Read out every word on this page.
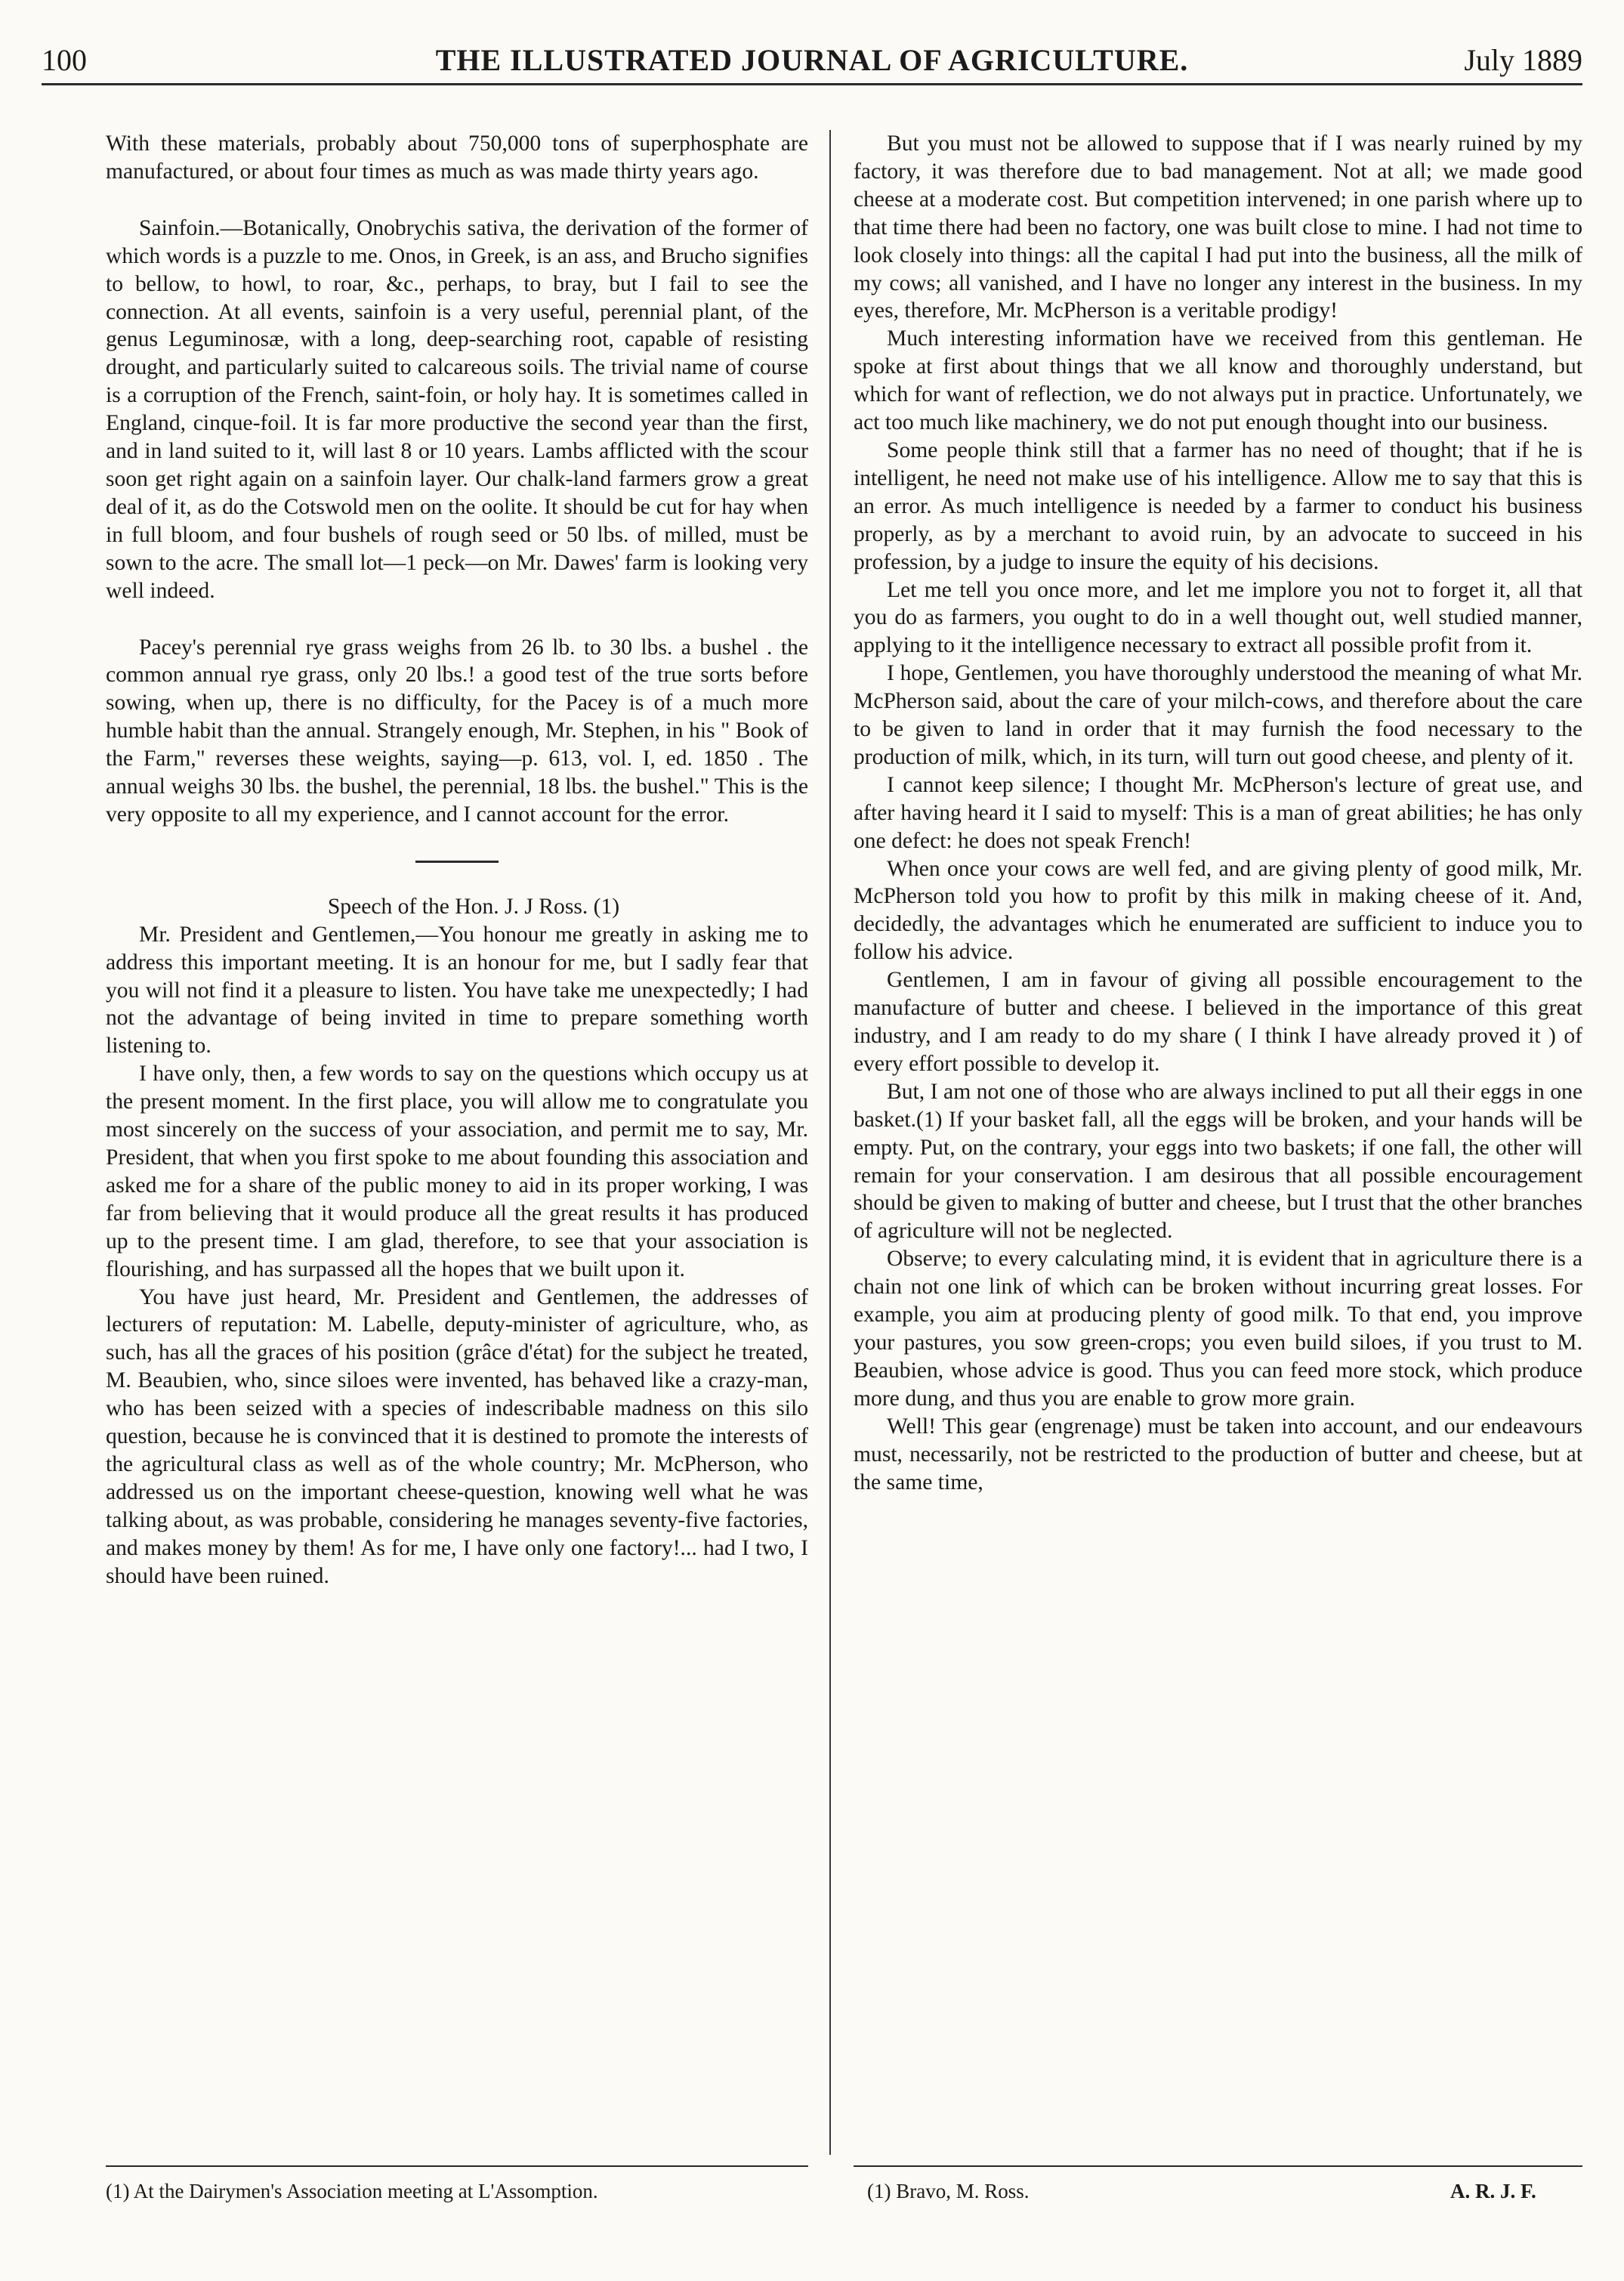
100	THE ILLUSTRATED JOURNAL OF AGRICULTURE.	July 1889

With these materials, probably about 750,000 tons of superphosphate are manufactured, or about four times as much as was made thirty years ago.

Sainfoin.—Botanically, Onobrychis sativa, the derivation of the former of which words is a puzzle to me. Onos, in Greek, is an ass, and Brucho signifies to bellow, to howl, to roar, &c., perhaps, to bray, but I fail to see the connection. At all events, sainfoin is a very useful, perennial plant, of the genus Leguminosæ, with a long, deep-searching root, capable of resisting drought, and particularly suited to calcareous soils. The trivial name of course is a corruption of the French, saint-foin, or holy hay. It is sometimes called in England, cinque-foil. It is far more productive the second year than the first, and in land suited to it, will last 8 or 10 years. Lambs afflicted with the scour soon get right again on a sainfoin layer. Our chalk-land farmers grow a great deal of it, as do the Cotswold men on the oolite. It should be cut for hay when in full bloom, and four bushels of rough seed or 50 lbs. of milled, must be sown to the acre. The small lot—1 peck—on Mr. Dawes' farm is looking very well indeed.

Pacey's perennial rye grass weighs from 26 lb. to 30 lbs. a bushel . the common annual rye grass, only 20 lbs.! a good test of the true sorts before sowing, when up, there is no difficulty, for the Pacey is of a much more humble habit than the annual. Strangely enough, Mr. Stephen, in his " Book of the Farm," reverses these weights, saying—p. 613, vol. I, ed. 1850 . The annual weighs 30 lbs. the bushel, the perennial, 18 lbs. the bushel." This is the very opposite to all my experience, and I cannot account for the error.

Speech of the Hon. J. J Ross. (1)

Mr. President and Gentlemen,—You honour me greatly in asking me to address this important meeting. It is an honour for me, but I sadly fear that you will not find it a pleasure to listen. You have take me unexpectedly; I had not the advantage of being invited in time to prepare something worth listening to.

I have only, then, a few words to say on the questions which occupy us at the present moment. In the first place, you will allow me to congratulate you most sincerely on the success of your association, and permit me to say, Mr. President, that when you first spoke to me about founding this association and asked me for a share of the public money to aid in its proper working, I was far from believing that it would produce all the great results it has produced up to the present time. I am glad, therefore, to see that your association is flourishing, and has surpassed all the hopes that we built upon it.

You have just heard, Mr. President and Gentlemen, the addresses of lecturers of reputation: M. Labelle, deputy-minister of agriculture, who, as such, has all the graces of his position (grâce d'état) for the subject he treated, M. Beaubien, who, since siloes were invented, has behaved like a crazy-man, who has been seized with a species of indescribable madness on this silo question, because he is convinced that it is destined to promote the interests of the agricultural class as well as of the whole country; Mr. McPherson, who addressed us on the important cheese-question, knowing well what he was talking about, as was probable, considering he manages seventy-five factories, and makes money by them! As for me, I have only one factory!... had I two, I should have been ruined.

But you must not be allowed to suppose that if I was nearly ruined by my factory, it was therefore due to bad management. Not at all; we made good cheese at a moderate cost. But competition intervened; in one parish where up to that time there had been no factory, one was built close to mine. I had not time to look closely into things: all the capital I had put into the business, all the milk of my cows; all vanished, and I have no longer any interest in the business. In my eyes, therefore, Mr. McPherson is a veritable prodigy!

Much interesting information have we received from this gentleman. He spoke at first about things that we all know and thoroughly understand, but which for want of reflection, we do not always put in practice. Unfortunately, we act too much like machinery, we do not put enough thought into our business.

Some people think still that a farmer has no need of thought; that if he is intelligent, he need not make use of his intelligence. Allow me to say that this is an error. As much intelligence is needed by a farmer to conduct his business properly, as by a merchant to avoid ruin, by an advocate to succeed in his profession, by a judge to insure the equity of his decisions.

Let me tell you once more, and let me implore you not to forget it, all that you do as farmers, you ought to do in a well thought out, well studied manner, applying to it the intelligence necessary to extract all possible profit from it.

I hope, Gentlemen, you have thoroughly understood the meaning of what Mr. McPherson said, about the care of your milch-cows, and therefore about the care to be given to land in order that it may furnish the food necessary to the production of milk, which, in its turn, will turn out good cheese, and plenty of it.

I cannot keep silence; I thought Mr. McPherson's lecture of great use, and after having heard it I said to myself: This is a man of great abilities; he has only one defect: he does not speak French!

When once your cows are well fed, and are giving plenty of good milk, Mr. McPherson told you how to profit by this milk in making cheese of it. And, decidedly, the advantages which he enumerated are sufficient to induce you to follow his advice.

Gentlemen, I am in favour of giving all possible encouragement to the manufacture of butter and cheese. I believed in the importance of this great industry, and I am ready to do my share ( I think I have already proved it ) of every effort possible to develop it.

But, I am not one of those who are always inclined to put all their eggs in one basket.(1) If your basket fall, all the eggs will be broken, and your hands will be empty. Put, on the contrary, your eggs into two baskets; if one fall, the other will remain for your conservation. I am desirous that all possible encouragement should be given to making of butter and cheese, but I trust that the other branches of agriculture will not be neglected.

Observe; to every calculating mind, it is evident that in agriculture there is a chain not one link of which can be broken without incurring great losses. For example, you aim at producing plenty of good milk. To that end, you improve your pastures, you sow green-crops; you even build siloes, if you trust to M. Beaubien, whose advice is good. Thus you can feed more stock, which produce more dung, and thus you are enable to grow more grain.

Well! This gear (engrenage) must be taken into account, and our endeavours must, necessarily, not be restricted to the production of butter and cheese, but at the same time,

(1) At the Dairymen's Association meeting at L'Assomption.	(1) Bravo, M. Ross.	A. R. J. F.
